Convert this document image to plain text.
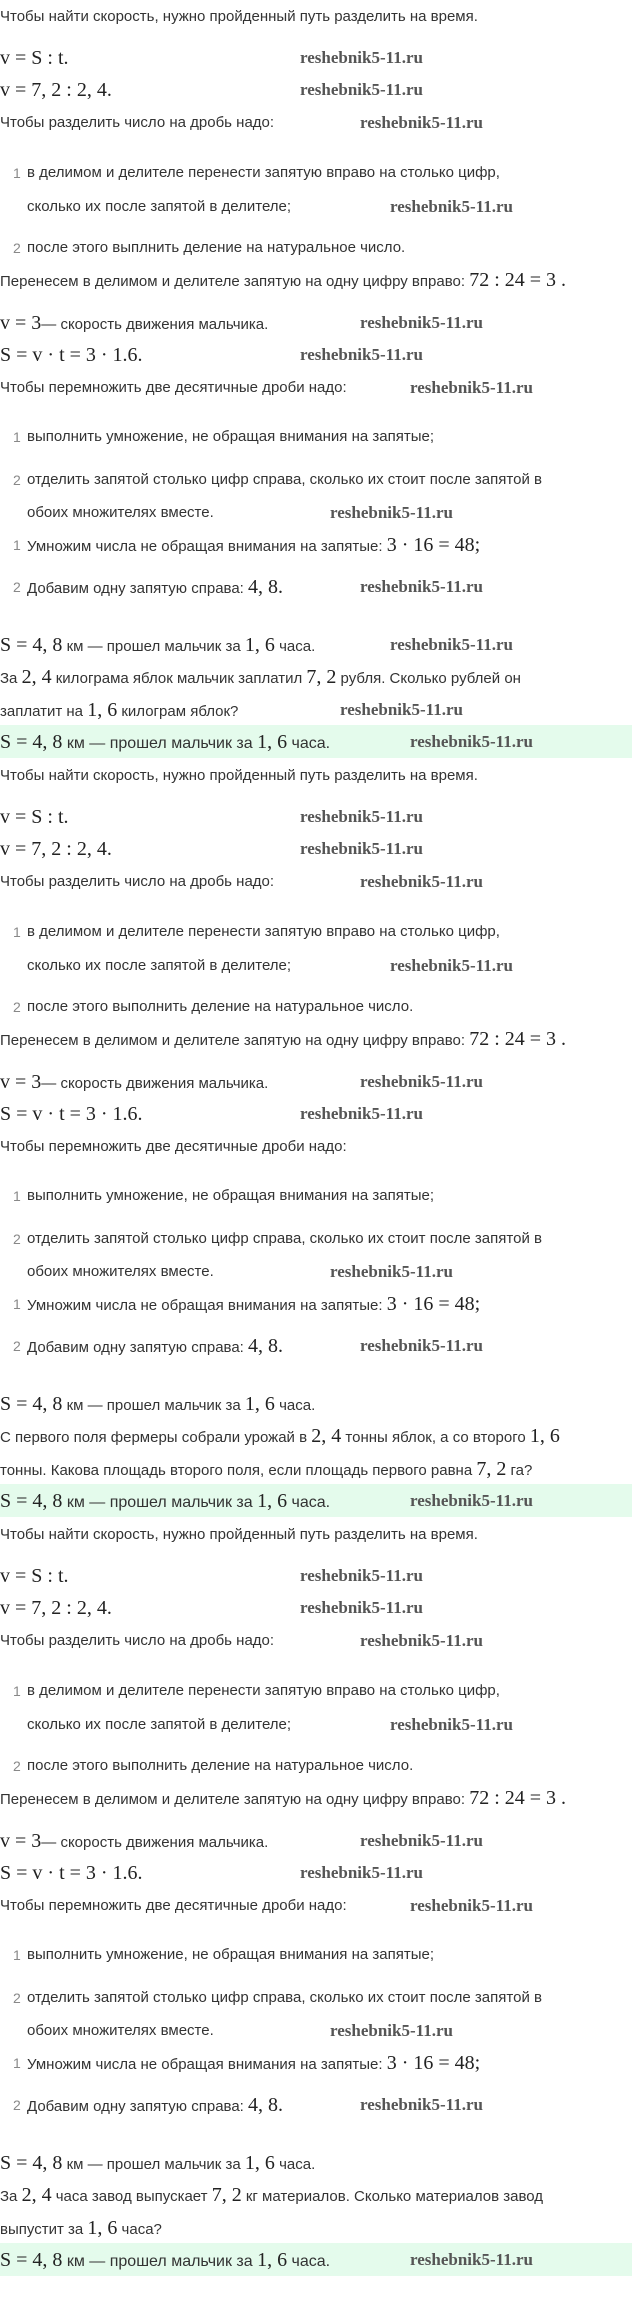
Чтобы найти скорость, нужно пройденный путь разделить на время.
v = S : t.
v = 7, 2 : 2, 4.
Чтобы разделить число на дробь надо:
1 в делимом и делителе перенести запятую вправо на столько цифр,
сколько их после запятой в делителе;
2 после этого выплнить деление на натуральное число.
Перенесем в делимом и делителе запятую на одну цифру вправо: 72 : 24 = 3 .
v = 3— скорость движения мальчика.
S = v · t = 3 · 1.6.
Чтобы перемножить две десятичные дроби надо:
1 выполнить умножение, не обращая внимания на запятые;
2 отделить запятой столько цифр справа, сколько их стоит после запятой в
обоих множителях вместе.
1 Умножим числа не обращая внимания на запятые: 3 · 16 = 48;
2 Добавим одну запятую справа: 4, 8.
S = 4, 8 км — прошел мальчик за 1, 6 часа.
За 2, 4 килограма яблок мальчик заплатил 7, 2 рубля. Сколько рублей он
заплатит на 1, 6 килограм яблок?
S = 4, 8 км — прошел мальчик за 1, 6 часа.
reshebnik5-11.ru
reshebnik5-11.ru
reshebnik5-11.ru
reshebnik5-11.ru
reshebnik5-11.ru
reshebnik5-11.ru
reshebnik5-11.ru
reshebnik5-11.ru
reshebnik5-11.ru
reshebnik5-11.ru
reshebnik5-11.ru
reshebnik5-11.ru
Чтобы найти скорость, нужно пройденный путь разделить на время.
v = S : t.
v = 7, 2 : 2, 4.
Чтобы разделить число на дробь надо:
1 в делимом и делителе перенести запятую вправо на столько цифр,
сколько их после запятой в делителе;
2 после этого выполнить деление на натуральное число.
Перенесем в делимом и делителе запятую на одну цифру вправо: 72 : 24 = 3 .
v = 3— скорость движения мальчика.
S = v · t = 3 · 1.6.
Чтобы перемножить две десятичные дроби надо:
1 выполнить умножение, не обращая внимания на запятые;
2 отделить запятой столько цифр справа, сколько их стоит после запятой в
обоих множителях вместе.
1 Умножим числа не обращая внимания на запятые: 3 · 16 = 48;
2 Добавим одну запятую справа: 4, 8.
S = 4, 8 км — прошел мальчик за 1, 6 часа.
С первого поля фермеры собрали урожай в 2, 4 тонны яблок, а со второго 1, 6
тонны. Какова площадь второго поля, если площадь первого равна 7, 2 га?
S = 4, 8 км — прошел мальчик за 1, 6 часа.
reshebnik5-11.ru
reshebnik5-11.ru
reshebnik5-11.ru
reshebnik5-11.ru
reshebnik5-11.ru
reshebnik5-11.ru
reshebnik5-11.ru
reshebnik5-11.ru
reshebnik5-11.ru
Чтобы найти скорость, нужно пройденный путь разделить на время.
v = S : t.
v = 7, 2 : 2, 4.
Чтобы разделить число на дробь надо:
1 в делимом и делителе перенести запятую вправо на столько цифр,
сколько их после запятой в делителе;
2 после этого выполнить деление на натуральное число.
Перенесем в делимом и делителе запятую на одну цифру вправо: 72 : 24 = 3 .
v = 3— скорость движения мальчика.
S = v · t = 3 · 1.6.
Чтобы перемножить две десятичные дроби надо:
1 выполнить умножение, не обращая внимания на запятые;
2 отделить запятой столько цифр справа, сколько их стоит после запятой в
обоих множителях вместе.
1 Умножим числа не обращая внимания на запятые: 3 · 16 = 48;
2 Добавим одну запятую справа: 4, 8.
S = 4, 8 км — прошел мальчик за 1, 6 часа.
За 2, 4 часа завод выпускает 7, 2 кг материалов. Сколько материалов завод
выпустит за 1, 6 часа?
S = 4, 8 км — прошел мальчик за 1, 6 часа.
reshebnik5-11.ru
reshebnik5-11.ru
reshebnik5-11.ru
reshebnik5-11.ru
reshebnik5-11.ru
reshebnik5-11.ru
reshebnik5-11.ru
reshebnik5-11.ru
reshebnik5-11.ru
reshebnik5-11.ru
